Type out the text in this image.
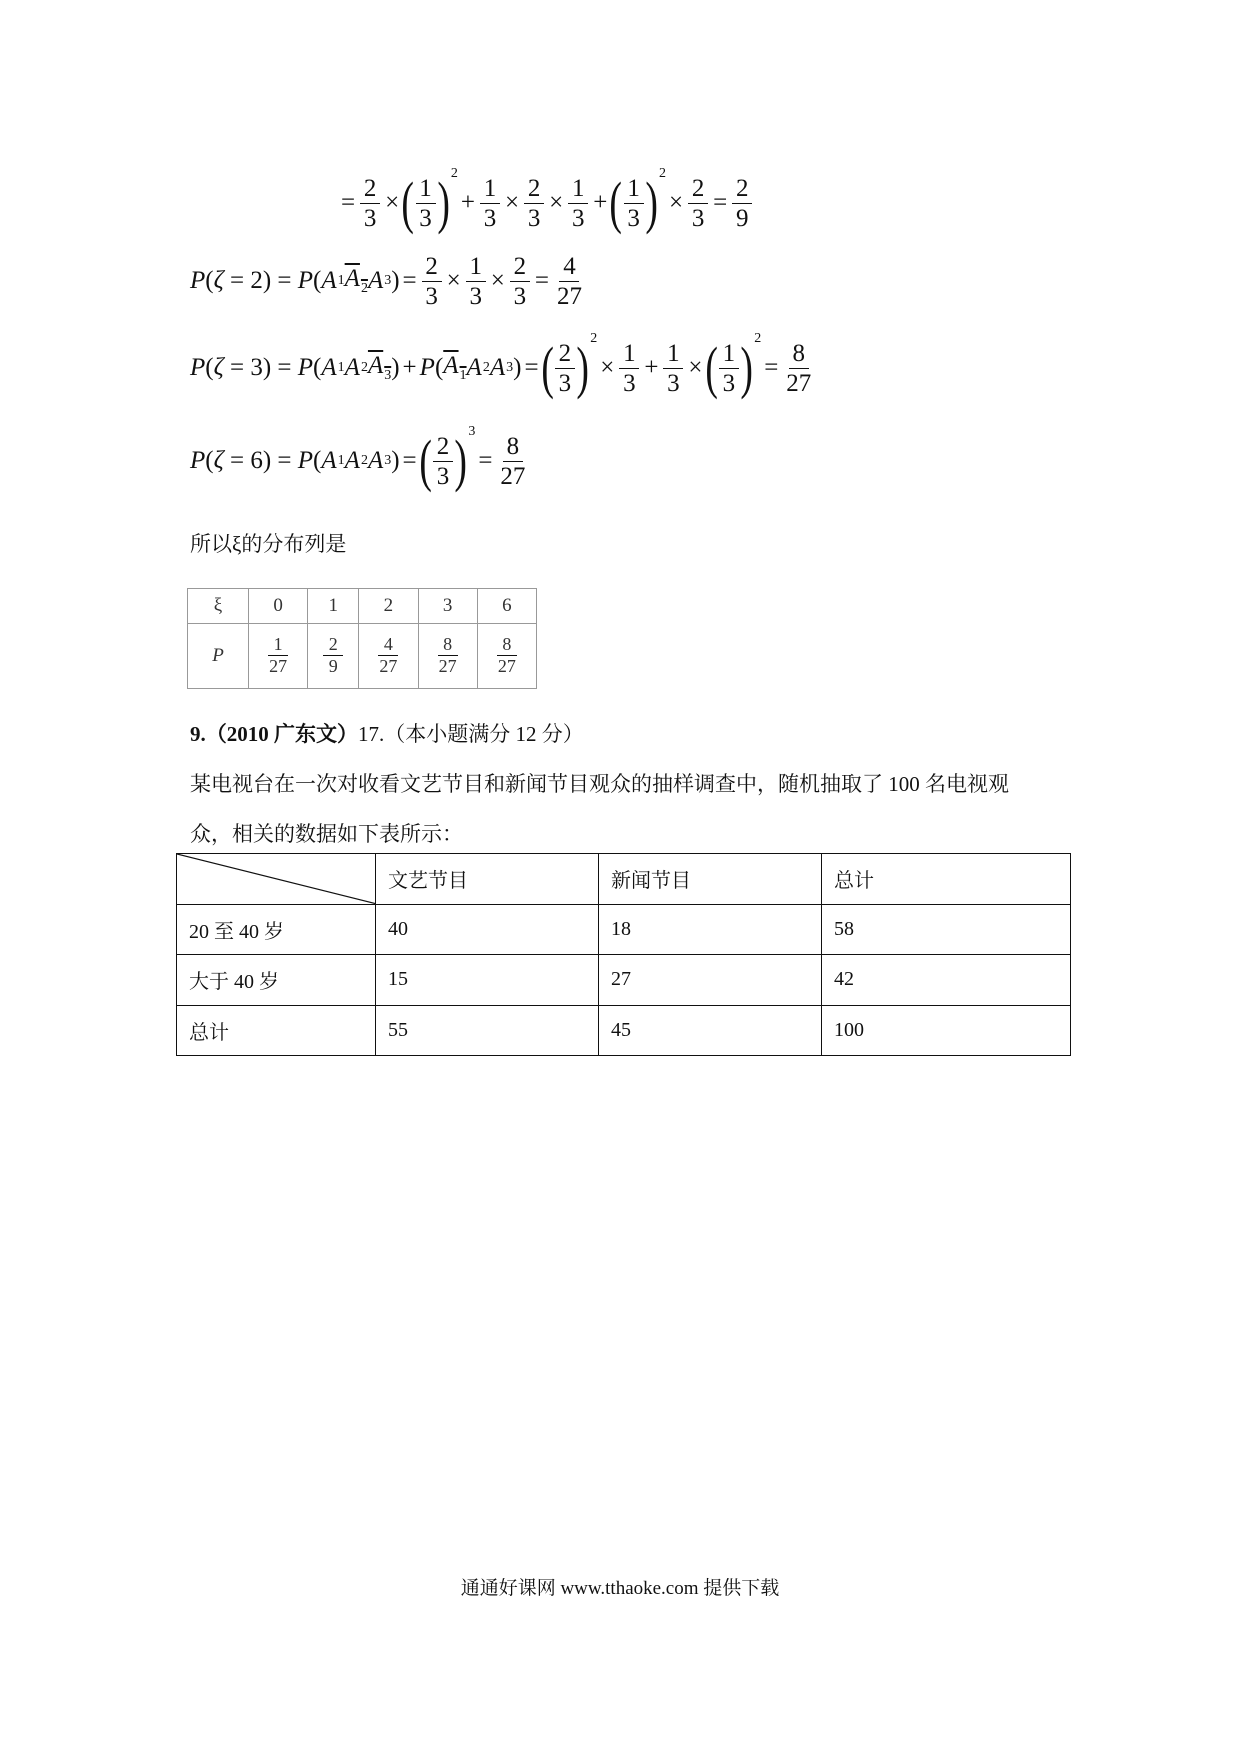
= $\frac{2}{3}$ × ( $\frac{1}{3}$ ) 2
+ $\frac{1}{3} \times \frac{2}{3} \times \frac{1}{3}$ + ( $\frac{1}{3}$ ) 2
× $\frac{2}{3} = \frac{2}{9}$
P ( ζ = 2) = P ( A 1 $A_2$ A 3 ) = $\frac{2}{3} \times \frac{1}{3} \times \frac{2}{3} = \frac{4}{27}$
P ( ζ = 3) = P ( A 1 A 2 $A_3$ ) + P ( $A_1$ A 2 A 3 ) = ( $\frac{2}{3}$ ) 2
× $\frac{1}{3} + \frac{1}{3}$ × ( $\frac{1}{3}$ ) 2
= $\frac{8}{27}$
P ( ζ = 6) = P ( A 1 A 2 A 3 ) = ( $\frac{2}{3}$ ) 3
= $\frac{8}{27}$
所以ξ的分布列是
ξ	0	1	2	3	6
P	$\frac{1}{27}$	$\frac{2}{9}$	$\frac{4}{27}$	$\frac{8}{27}$	$\frac{8}{27}$
9.（2010 广东文）17.（本小题满分 12 分）
某电视台在一次对收看文艺节目和新闻节目观众的抽样调查中，随机抽取了 100 名电视观
众，相关的数据如下表所示：
	文艺节目	新闻节目	总计
20 至 40 岁	40	18	58
大于 40 岁	15	27	42
总计	55	45	100
通通好课网 www.tthaoke.com 提供下载
